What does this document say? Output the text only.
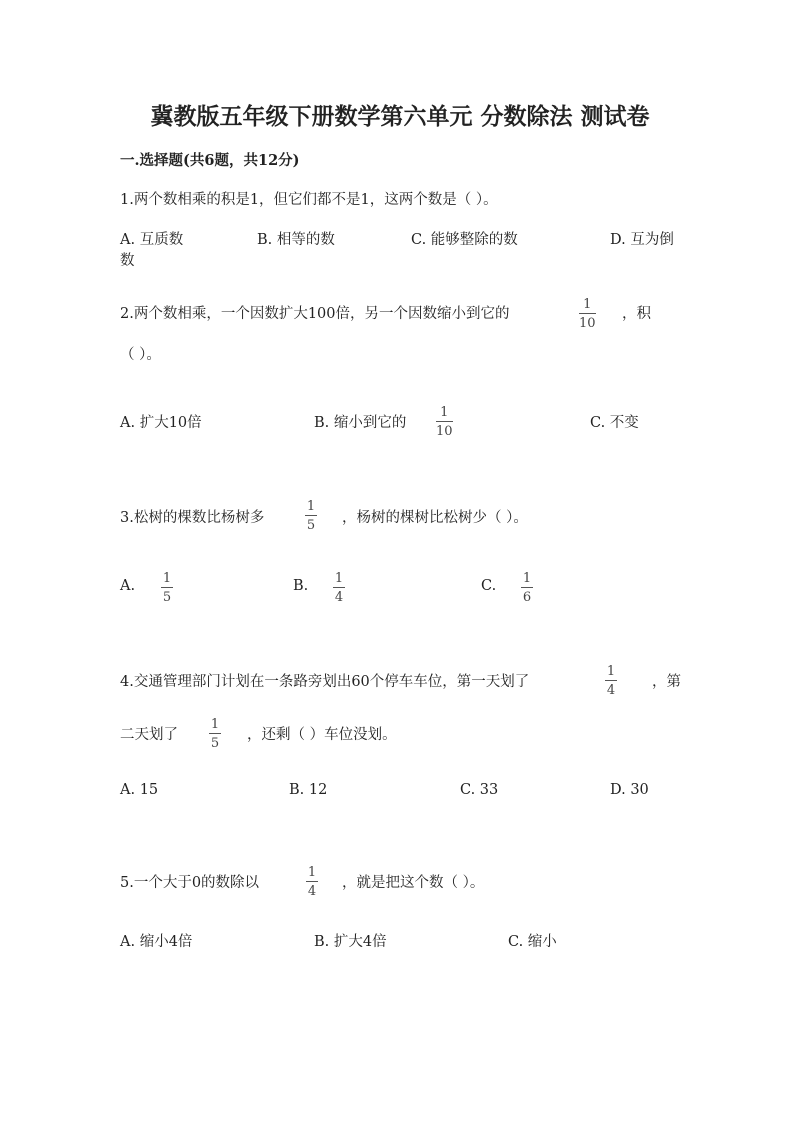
冀教版五年级下册数学第六单元 分数除法 测试卷
一.选择题(共6题，共12分)
1.两个数相乘的积是1，但它们都不是1，这两个数是（ ）。
A. 互质数	B. 相等的数	C. 能够整除的数	D. 互为倒
数
2.两个数相乘，一个因数扩大100倍，另一个因数缩小到它的
1
10
，积
（ ）。
A. 扩大10倍	B. 缩小到它的
1
10
C. 不变
3.松树的棵数比杨树多
1
5 ，杨树的棵树比松树少（ ）。
A. 1
5
B. 1
4
C. 1
6
4.交通管理部门计划在一条路旁划出60个停车车位，第一天划了
1
4
，第
二天划了
1
5
，还剩（ ）车位没划。
A. 15	B. 12	C. 33	D. 30
5.一个大于0的数除以
1
4
，就是把这个数（ ）。
A. 缩小4倍	B. 扩大4倍	C. 缩小
